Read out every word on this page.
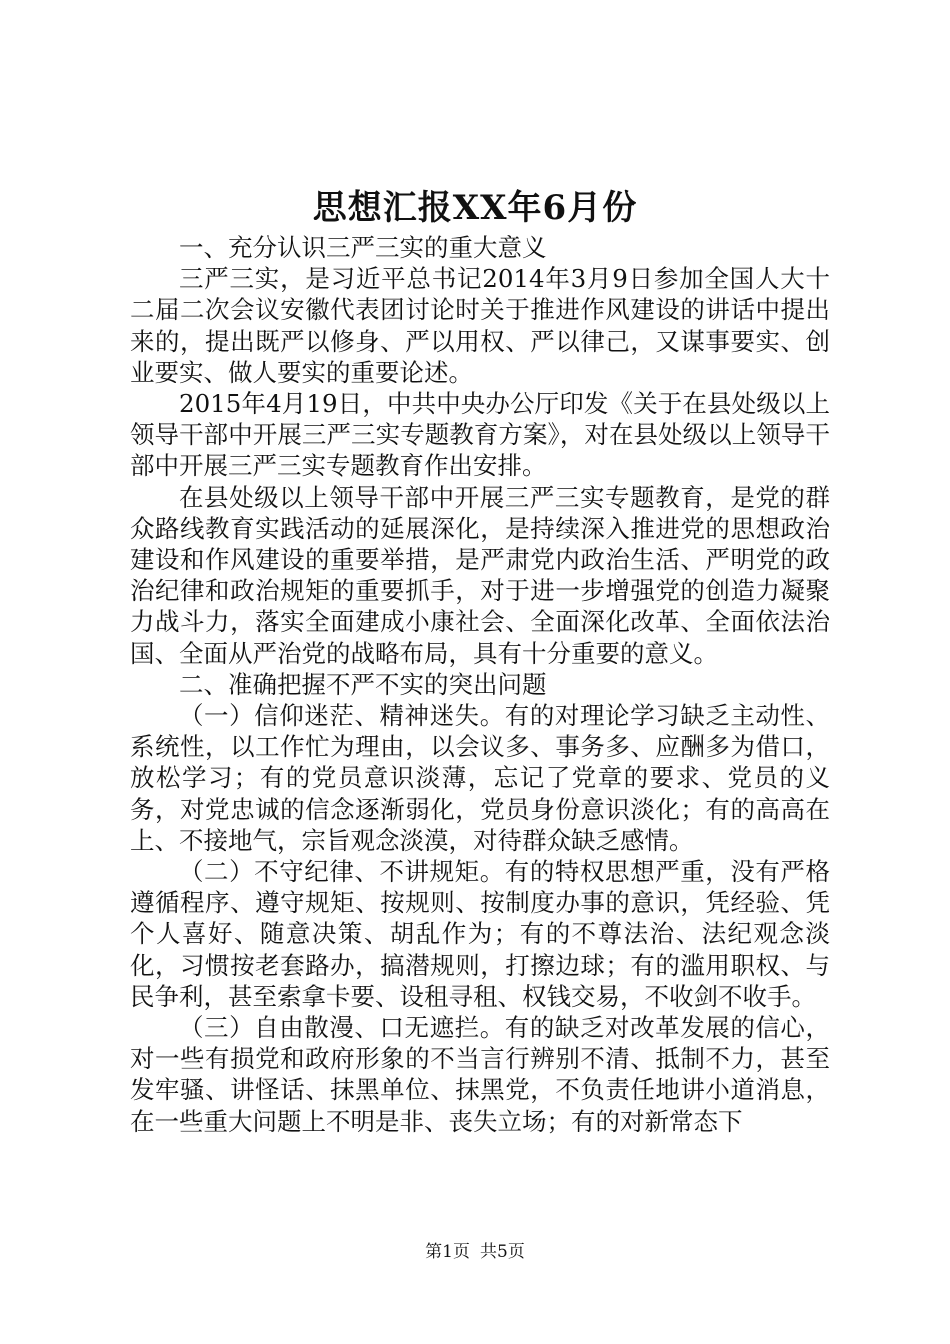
思想汇报XX年6月份

一、充分认识三严三实的重大意义

三严三实，是习近平总书记2014年3月9日参加全国人大十二届二次会议安徽代表团讨论时关于推进作风建设的讲话中提出来的，提出既严以修身、严以用权、严以律己，又谋事要实、创业要实、做人要实的重要论述。

2015年4月19日，中共中央办公厅印发《关于在县处级以上领导干部中开展三严三实专题教育方案》，对在县处级以上领导干部中开展三严三实专题教育作出安排。

在县处级以上领导干部中开展三严三实专题教育，是党的群众路线教育实践活动的延展深化，是持续深入推进党的思想政治建设和作风建设的重要举措，是严肃党内政治生活、严明党的政治纪律和政治规矩的重要抓手，对于进一步增强党的创造力凝聚力战斗力，落实全面建成小康社会、全面深化改革、全面依法治国、全面从严治党的战略布局，具有十分重要的意义。

二、准确把握不严不实的突出问题

（一）信仰迷茫、精神迷失。有的对理论学习缺乏主动性、系统性，以工作忙为理由，以会议多、事务多、应酬多为借口，放松学习；有的党员意识淡薄，忘记了党章的要求、党员的义务，对党忠诚的信念逐渐弱化，党员身份意识淡化；有的高高在上、不接地气，宗旨观念淡漠，对待群众缺乏感情。

（二）不守纪律、不讲规矩。有的特权思想严重，没有严格遵循程序、遵守规矩、按规则、按制度办事的意识，凭经验、凭个人喜好、随意决策、胡乱作为；有的不尊法治、法纪观念淡化，习惯按老套路办，搞潜规则，打擦边球；有的滥用职权、与民争利，甚至索拿卡要、设租寻租、权钱交易，不收剑不收手。

（三）自由散漫、口无遮拦。有的缺乏对改革发展的信心，对一些有损党和政府形象的不当言行辨别不清、抵制不力，甚至发牢骚、讲怪话、抹黑单位、抹黑党，不负责任地讲小道消息，在一些重大问题上不明是非、丧失立场；有的对新常态下

第1页 共5页
